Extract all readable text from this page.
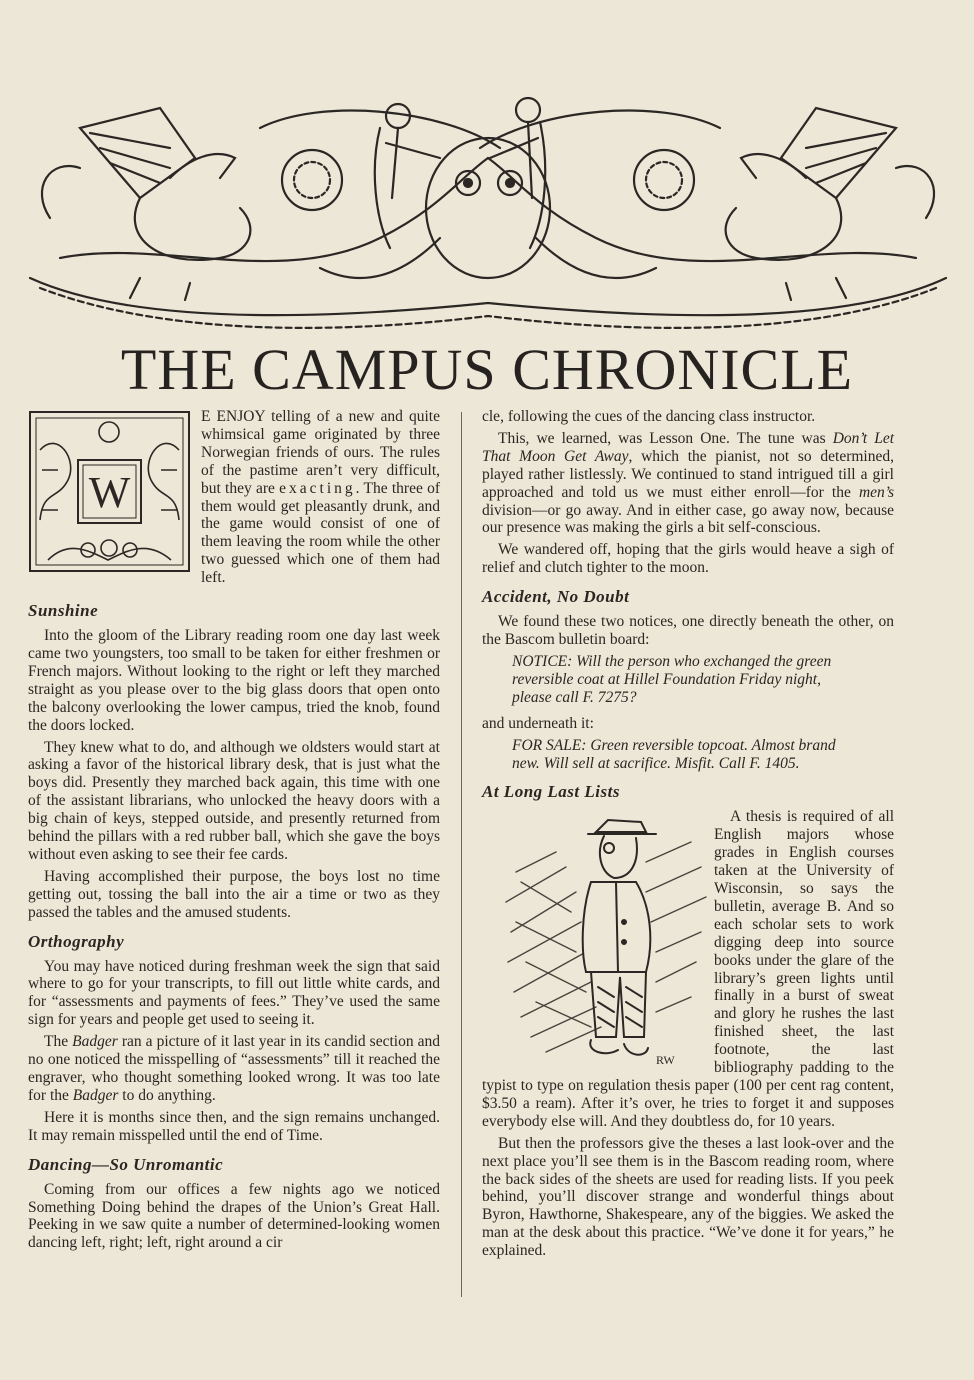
THE CAMPUS CHRONICLE
W

E ENJOY telling of a new and quite whimsical game originated by three Norwegian friends of ours. The rules of the pastime aren’t very difficult, but they are exacting. The three of them would get pleasantly drunk, and the game would consist of one of them leaving the room while the other two guessed which one of them had left.

Sunshine

Into the gloom of the Library reading room one day last week came two youngsters, too small to be taken for either freshmen or French majors. Without looking to the right or left they marched straight as you please over to the big glass doors that open onto the balcony overlooking the lower campus, tried the knob, found the doors locked.

They knew what to do, and although we oldsters would start at asking a favor of the historical library desk, that is just what the boys did. Presently they marched back again, this time with one of the assistant librarians, who unlocked the heavy doors with a big chain of keys, stepped outside, and presently returned from behind the pillars with a red rubber ball, which she gave the boys without even asking to see their fee cards.

Having accomplished their purpose, the boys lost no time getting out, tossing the ball into the air a time or two as they passed the tables and the amused students.

Orthography

You may have noticed during freshman week the sign that said where to go for your transcripts, to fill out little white cards, and for “assessments and payments of fees.” They’ve used the same sign for years and people get used to seeing it.

The Badger ran a picture of it last year in its candid section and no one noticed the misspelling of “assessments” till it reached the engraver, who thought something looked wrong. It was too late for the Badger to do anything.

Here it is months since then, and the sign remains unchanged. It may remain misspelled until the end of Time.

Dancing—So Unromantic

Coming from our offices a few nights ago we noticed Something Doing behind the drapes of the Union’s Great Hall. Peeking in we saw quite a number of determined-looking women dancing left, right; left, right around a cir

cle, following the cues of the dancing class instructor.

This, we learned, was Lesson One. The tune was Don’t Let That Moon Get Away, which the pianist, not so determined, played rather listlessly. We continued to stand intrigued till a girl approached and told us we must either enroll—for the men’s division—or go away. And in either case, go away now, because our presence was making the girls a bit self-conscious.

We wandered off, hoping that the girls would heave a sigh of relief and clutch tighter to the moon.

Accident, No Doubt

We found these two notices, one directly beneath the other, on the Bascom bulletin board:

NOTICE: Will the person who exchanged the green reversible coat at Hillel Foundation Friday night, please call F. 7275?

and underneath it:

FOR SALE: Green reversible topcoat. Almost brand new. Will sell at sacrifice. Misfit. Call F. 1405.

At Long Last Lists

RW
A thesis is required of all English majors whose grades in English courses taken at the University of Wisconsin, so says the bulletin, average B. And so each scholar sets to work digging deep into source books under the glare of the library’s green lights until finally in a burst of sweat and glory he rushes the last finished sheet, the last footnote, the last bibliography padding to the typist to type on regulation thesis paper (100 per cent rag content, $3.50 a ream). After it’s over, he tries to forget it and supposes everybody else will. And they doubtless do, for 10 years.

But then the professors give the theses a last look-over and the next place you’ll see them is in the Bascom reading room, where the back sides of the sheets are used for reading lists. If you peek behind, you’ll discover strange and wonderful things about Byron, Hawthorne, Shakespeare, any of the biggies. We asked the man at the desk about this practice. “We’ve done it for years,” he explained.
